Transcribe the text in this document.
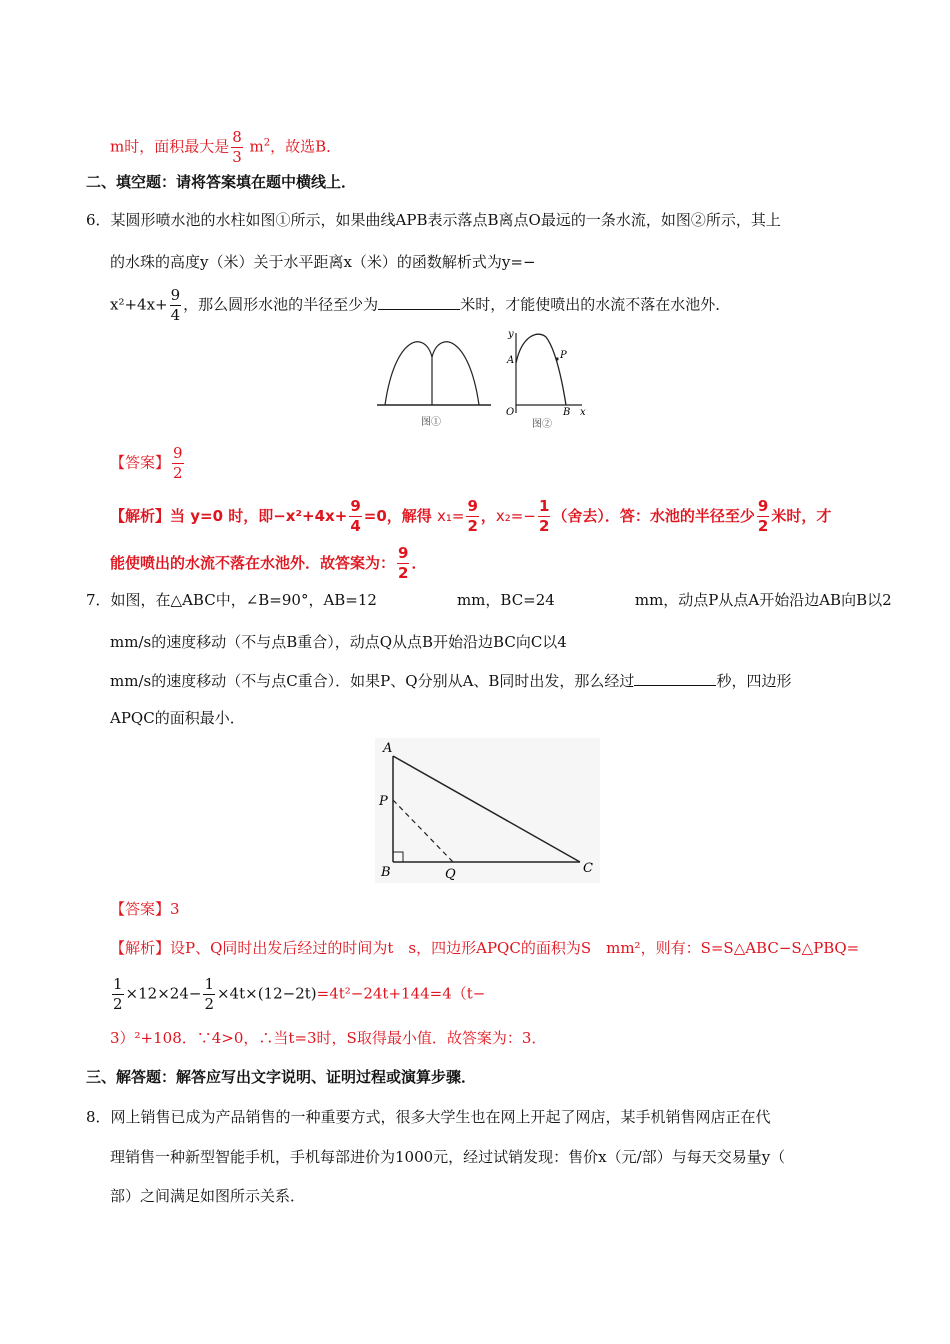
m时，面积最大是 $\frac{8}{3} m^2$，故选B．
二、填空题：请将答案填在题中横线上．
6．某圆形喷水池的水柱如图①所示，如果曲线APB表示落点B离点O最远的一条水流，如图②所示，其上
的水珠的高度y（米）关于水平距离x（米）的函数解析式为y=−
$x^2+4x+ \frac{9}{4}$ ，那么圆形水池的半径至少为	米时，才能使喷出的水流不落在水池外．
图①
y
x
A	P
O	B
图②
【答案】 $\frac{9}{2}$
【解析】当 y=0 时，即$-x^2+4x+ \frac{9}{4} =0$，解得 $x_1= \frac{9}{2}$ ，$x_2=- \frac{1}{2}$ （舍去）．答：水池的半径至少 $\frac{9}{2}$ 米时，才
能使喷出的水流不落在水池外．故答案为： $\frac{9}{2}$ ．
7．如图，在△ABC中，∠B=90°，AB=12	mm，BC=24	mm，动点P从点A开始沿边AB向B以2
mm/s的速度移动（不与点B重合），动点Q从点B开始沿边BC向C以4
mm/s的速度移动（不与点C重合）．如果P、Q分别从A、B同时出发，那么经过	秒，四边形
APQC的面积最小．
A
P
B	Q	C
【答案】3
【解析】设P、Q同时出发后经过的时间为t　s，四边形APQC的面积为S　mm²，则有：S=S△ABC−S△PBQ=
$\frac{1}{2} \times 12\times 24- \frac{1}{2} \times 4t\times(12-2t)=4t^2-24t+144=4(t-$
3）²+108．∵4>0，∴当t=3时，S取得最小值．故答案为：3．
三、解答题：解答应写出文字说明、证明过程或演算步骤．
8．网上销售已成为产品销售的一种重要方式，很多大学生也在网上开起了网店，某手机销售网店正在代
理销售一种新型智能手机，手机每部进价为1000元，经过试销发现：售价x（元/部）与每天交易量y（
部）之间满足如图所示关系．
